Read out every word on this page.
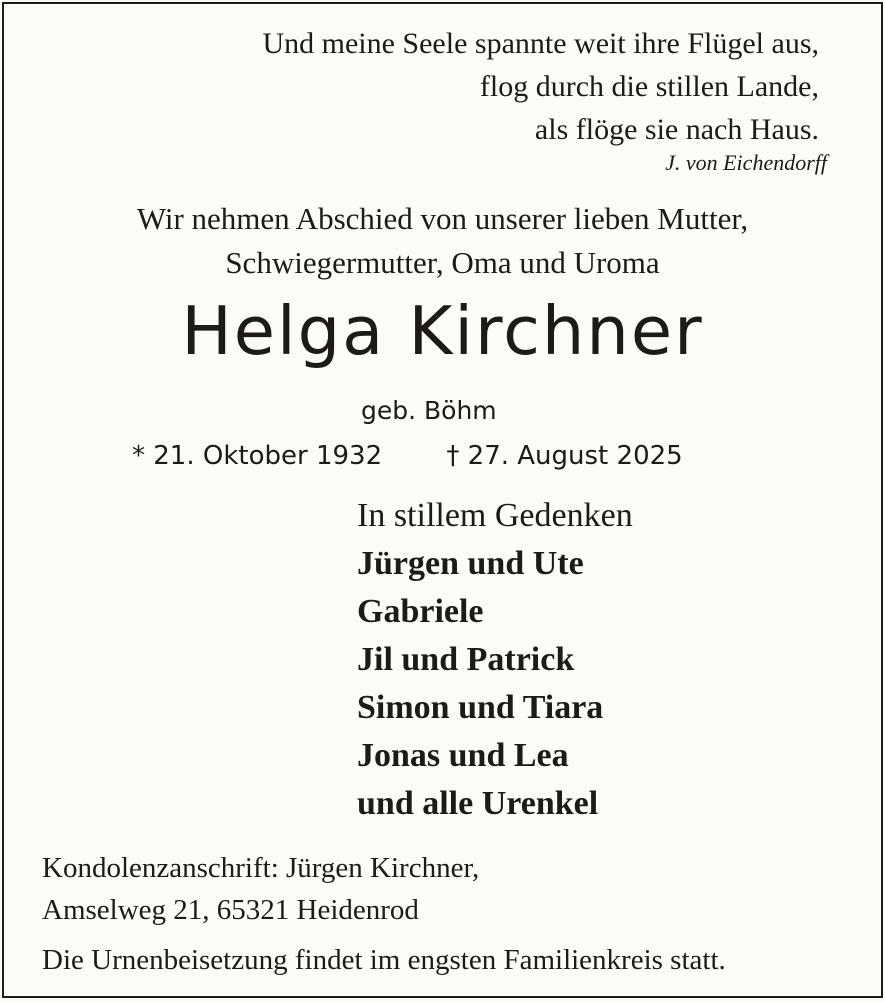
Und meine Seele spannte weit ihre Flügel aus,
flog durch die stillen Lande,
als flöge sie nach Haus.
J. von Eichendorff
Wir nehmen Abschied von unserer lieben Mutter,
Schwiegermutter, Oma und Uroma
Helga Kirchner
geb. Böhm
* 21. Oktober 1932 † 27. August 2025
In stillem Gedenken
Jürgen und Ute
Gabriele
Jil und Patrick
Simon und Tiara
Jonas und Lea
und alle Urenkel
Kondolenzanschrift: Jürgen Kirchner,
Amselweg 21, 65321 Heidenrod
Die Urnenbeisetzung findet im engsten Familienkreis statt.
